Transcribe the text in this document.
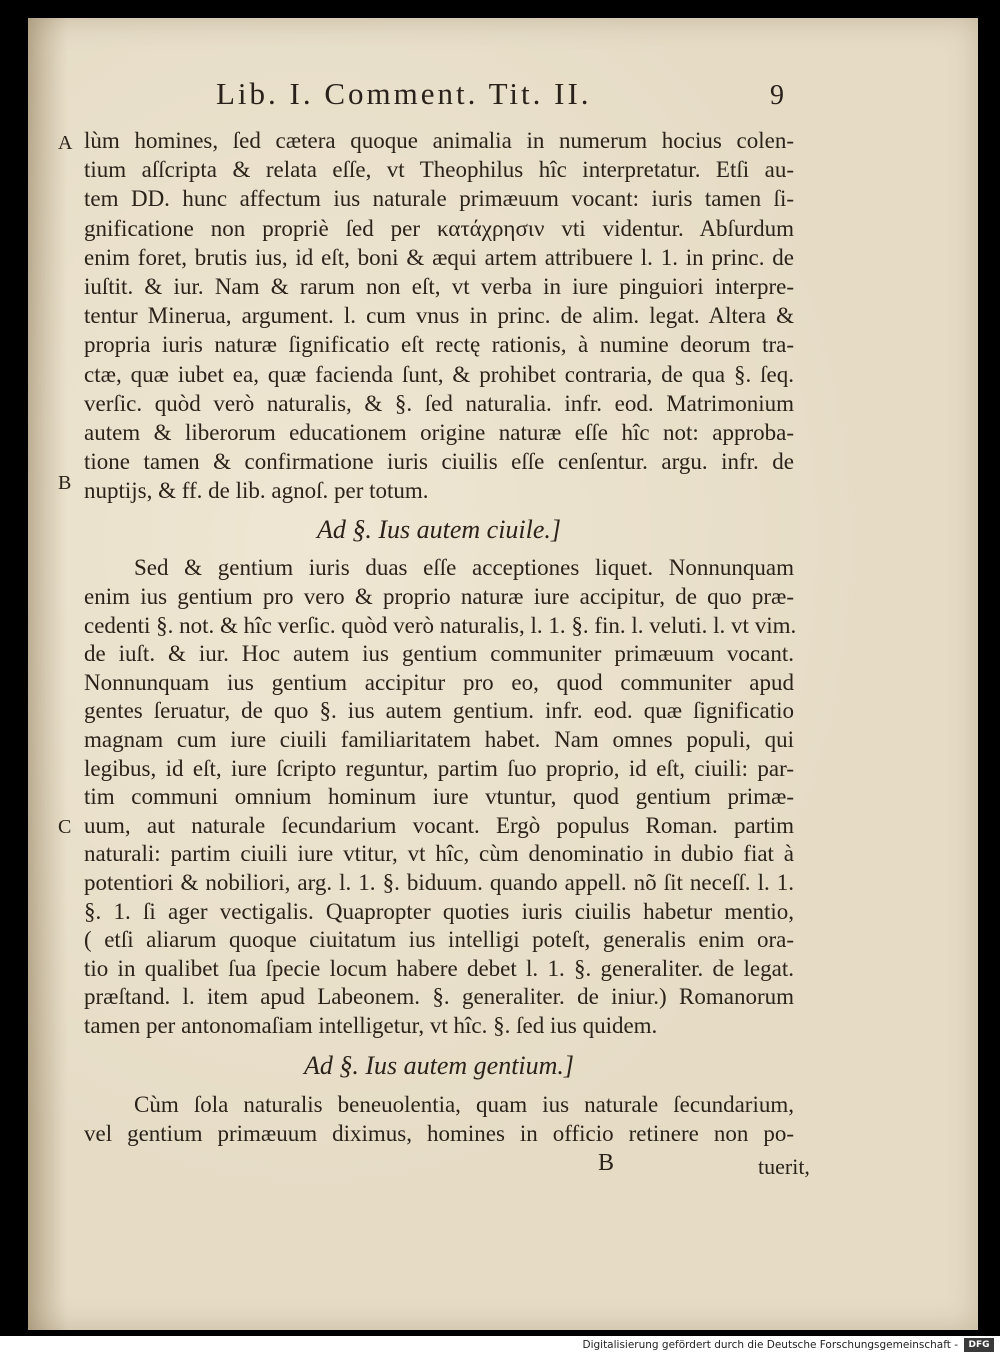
Lib. I. Comment. Tit. II.	9
A
B
C
lùm homines, ſed cætera quoque animalia in numerum hocius colen-
tium aſſcripta & relata eſſe, vt Theophilus hîc interpretatur. Etſi au-
tem DD. hunc affectum ius naturale primæuum vocant: iuris tamen ſi-
gnificatione non propriè ſed per κατάχρησιν vti videntur. Abſurdum
enim foret, brutis ius, id eſt, boni & æqui artem attribuere l. 1. in princ. de
iuſtit. & iur. Nam & rarum non eſt, vt verba in iure pinguiori interpre-
tentur Minerua, argument. l. cum vnus in princ. de alim. legat. Altera &
propria iuris naturæ ſignificatio eſt rectę rationis, à numine deorum tra-
ctæ, quæ iubet ea, quæ facienda ſunt, & prohibet contraria, de qua §. ſeq.
verſic. quòd verò naturalis, & §. ſed naturalia. infr. eod. Matrimonium
autem & liberorum educationem origine naturæ eſſe hîc not: approba-
tione tamen & confirmatione iuris ciuilis eſſe cenſentur. argu. infr. de
nuptijs, & ff. de lib. agnoſ. per totum.
Ad §. Ius autem ciuile.]
Sed & gentium iuris duas eſſe acceptiones liquet. Nonnunquam
enim ius gentium pro vero & proprio naturæ iure accipitur, de quo præ-
cedenti §. not. & hîc verſic. quòd verò naturalis, l. 1. §. fin. l. veluti. l. vt vim.
de iuſt. & iur. Hoc autem ius gentium communiter primæuum vocant.
Nonnunquam ius gentium accipitur pro eo, quod communiter apud
gentes ſeruatur, de quo §. ius autem gentium. infr. eod. quæ ſignificatio
magnam cum iure ciuili familiaritatem habet. Nam omnes populi, qui
legibus, id eſt, iure ſcripto reguntur, partim ſuo proprio, id eſt, ciuili: par-
tim communi omnium hominum iure vtuntur, quod gentium primæ-
uum, aut naturale ſecundarium vocant. Ergò populus Roman. partim
naturali: partim ciuili iure vtitur, vt hîc, cùm denominatio in dubio fiat à
potentiori & nobiliori, arg. l. 1. §. biduum. quando appell. nõ ſit neceſſ. l. 1.
§. 1. ſi ager vectigalis. Quapropter quoties iuris ciuilis habetur mentio,
( etſi aliarum quoque ciuitatum ius intelligi poteſt, generalis enim ora-
tio in qualibet ſua ſpecie locum habere debet l. 1. §. generaliter. de legat.
præſtand. l. item apud Labeonem. §. generaliter. de iniur.) Romanorum
tamen per antonomaſiam intelligetur, vt hîc. §. ſed ius quidem.
Ad §. Ius autem gentium.]
Cùm ſola naturalis beneuolentia, quam ius naturale ſecundarium,
vel gentium primæuum diximus, homines in officio retinere non po-
B	tuerit,
Digitalisierung gefördert durch die Deutsche Forschungsgemeinschaft -	DFG
